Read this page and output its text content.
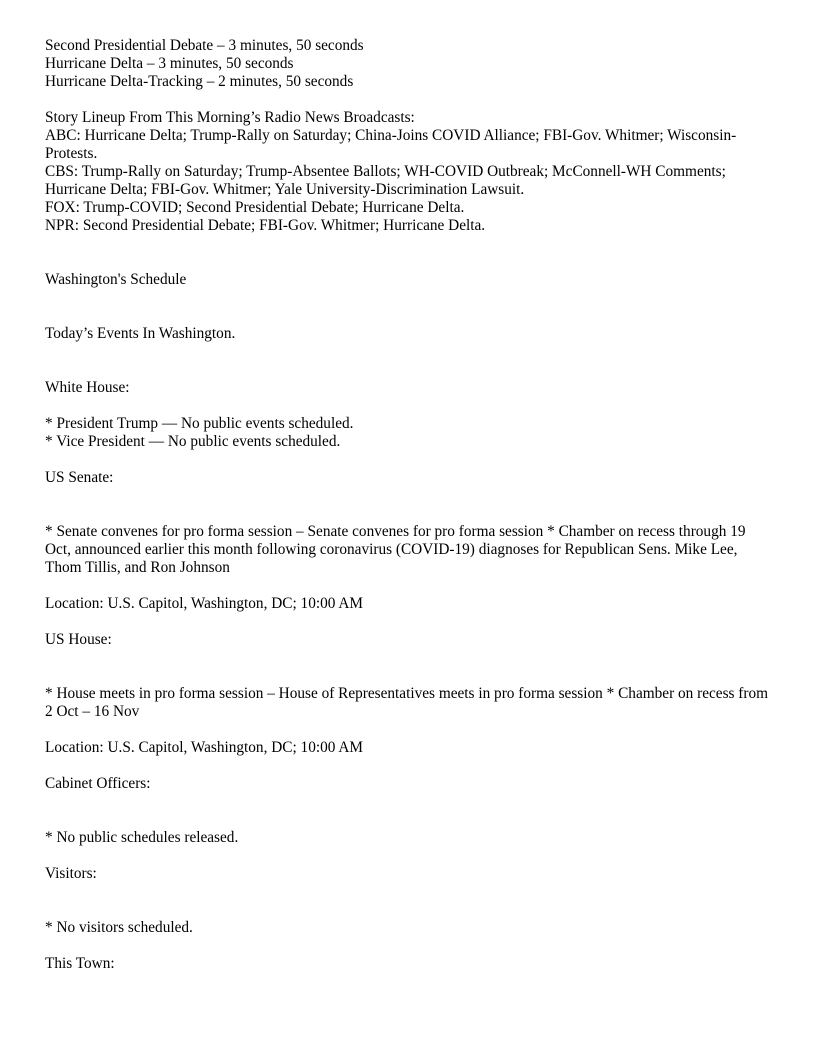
Second Presidential Debate – 3 minutes, 50 seconds
Hurricane Delta – 3 minutes, 50 seconds
Hurricane Delta-Tracking – 2 minutes, 50 seconds
Story Lineup From This Morning’s Radio News Broadcasts:
ABC: Hurricane Delta; Trump-Rally on Saturday; China-Joins COVID Alliance; FBI-Gov. Whitmer; Wisconsin-Protests.
CBS: Trump-Rally on Saturday; Trump-Absentee Ballots; WH-COVID Outbreak; McConnell-WH Comments; Hurricane Delta; FBI-Gov. Whitmer; Yale University-Discrimination Lawsuit.
FOX: Trump-COVID; Second Presidential Debate; Hurricane Delta.
NPR: Second Presidential Debate; FBI-Gov. Whitmer; Hurricane Delta.
Washington's Schedule
Today’s Events In Washington.
White House:
* President Trump — No public events scheduled.
* Vice President — No public events scheduled.
US Senate:
* Senate convenes for pro forma session – Senate convenes for pro forma session * Chamber on recess through 19 Oct, announced earlier this month following coronavirus (COVID-19) diagnoses for Republican Sens. Mike Lee, Thom Tillis, and Ron Johnson
Location: U.S. Capitol, Washington, DC; 10:00 AM
US House:
* House meets in pro forma session – House of Representatives meets in pro forma session * Chamber on recess from 2 Oct – 16 Nov
Location: U.S. Capitol, Washington, DC; 10:00 AM
Cabinet Officers:
* No public schedules released.
Visitors:
* No visitors scheduled.
This Town:
